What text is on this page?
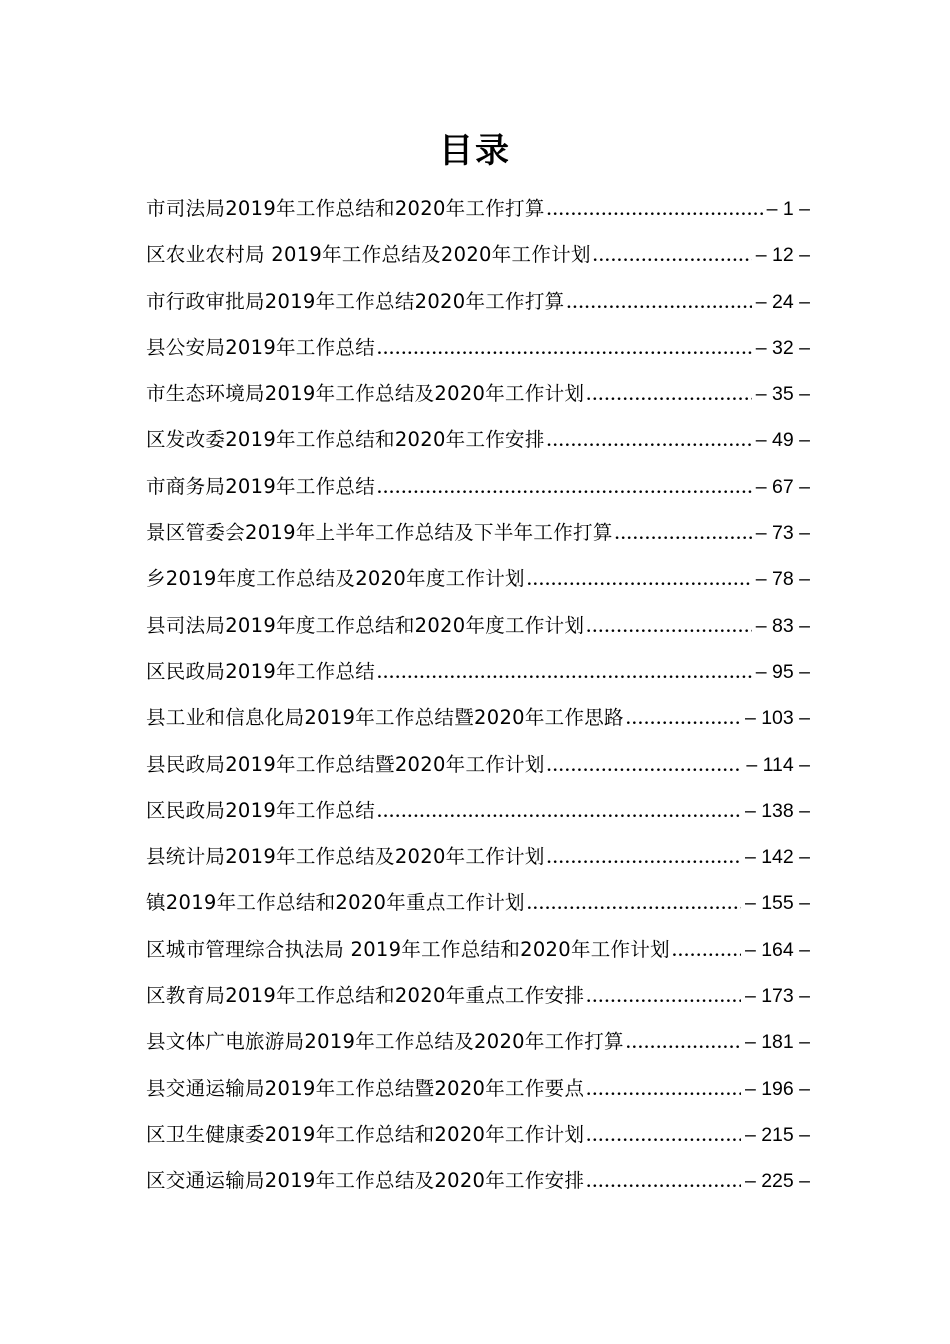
目录
市司法局2019年工作总结和2020年工作打算 .....	– 1 –
区农业农村局 2019年工作总结及2020年工作计划 .....	– 12 –
市行政审批局2019年工作总结2020年工作打算 .....	– 24 –
县公安局2019年工作总结 .....	– 32 –
市生态环境局2019年工作总结及2020年工作计划 .....	– 35 –
区发改委2019年工作总结和2020年工作安排 .....	– 49 –
市商务局2019年工作总结 .....	– 67 –
景区管委会2019年上半年工作总结及下半年工作打算 .....	– 73 –
乡2019年度工作总结及2020年度工作计划 .....	– 78 –
县司法局2019年度工作总结和2020年度工作计划 .....	– 83 –
区民政局2019年工作总结 .....	– 95 –
县工业和信息化局2019年工作总结暨2020年工作思路 .....	– 103 –
县民政局2019年工作总结暨2020年工作计划 .....	– 114 –
区民政局2019年工作总结 .....	– 138 –
县统计局2019年工作总结及2020年工作计划 .....	– 142 –
镇2019年工作总结和2020年重点工作计划 .....	– 155 –
区城市管理综合执法局 2019年工作总结和2020年工作计划 .....	– 164 –
区教育局2019年工作总结和2020年重点工作安排 .....	– 173 –
县文体广电旅游局2019年工作总结及2020年工作打算 .....	– 181 –
县交通运输局2019年工作总结暨2020年工作要点 .....	– 196 –
区卫生健康委2019年工作总结和2020年工作计划 .....	– 215 –
区交通运输局2019年工作总结及2020年工作安排 .....	– 225 –
